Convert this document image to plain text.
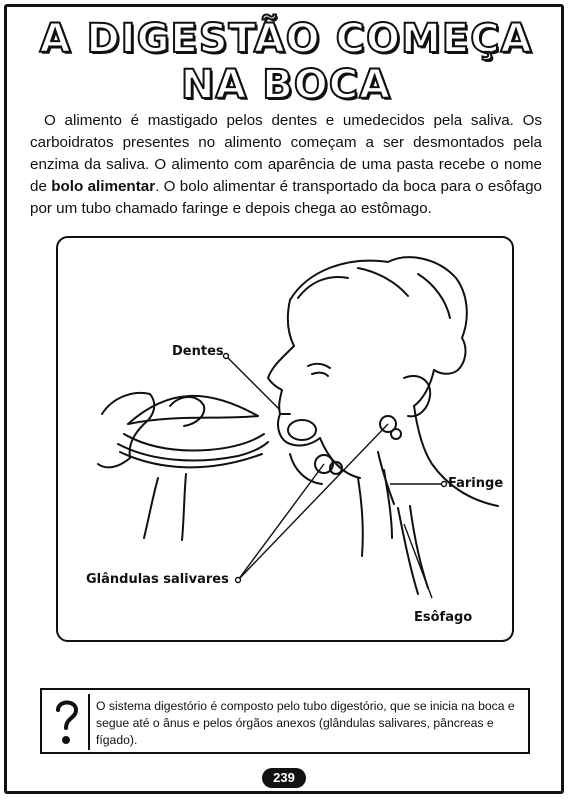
A DIGESTÃO COMEÇA
NA BOCA

O alimento é mastigado pelos dentes e umedecidos pela saliva. Os carboidratos presentes no alimento começam a ser desmontados pela enzima da saliva. O alimento com aparência de uma pasta recebe o nome de bolo alimentar. O bolo alimentar é transportado da boca para o esôfago por um tubo chamado faringe e depois chega ao estômago.

Dentes
Faringe
Glândulas salivares
Esôfago
O sistema digestório é composto pelo tubo digestório, que se inicia na boca e segue até o ânus e pelos órgãos anexos (glândulas salivares, pâncreas e fígado).
239
